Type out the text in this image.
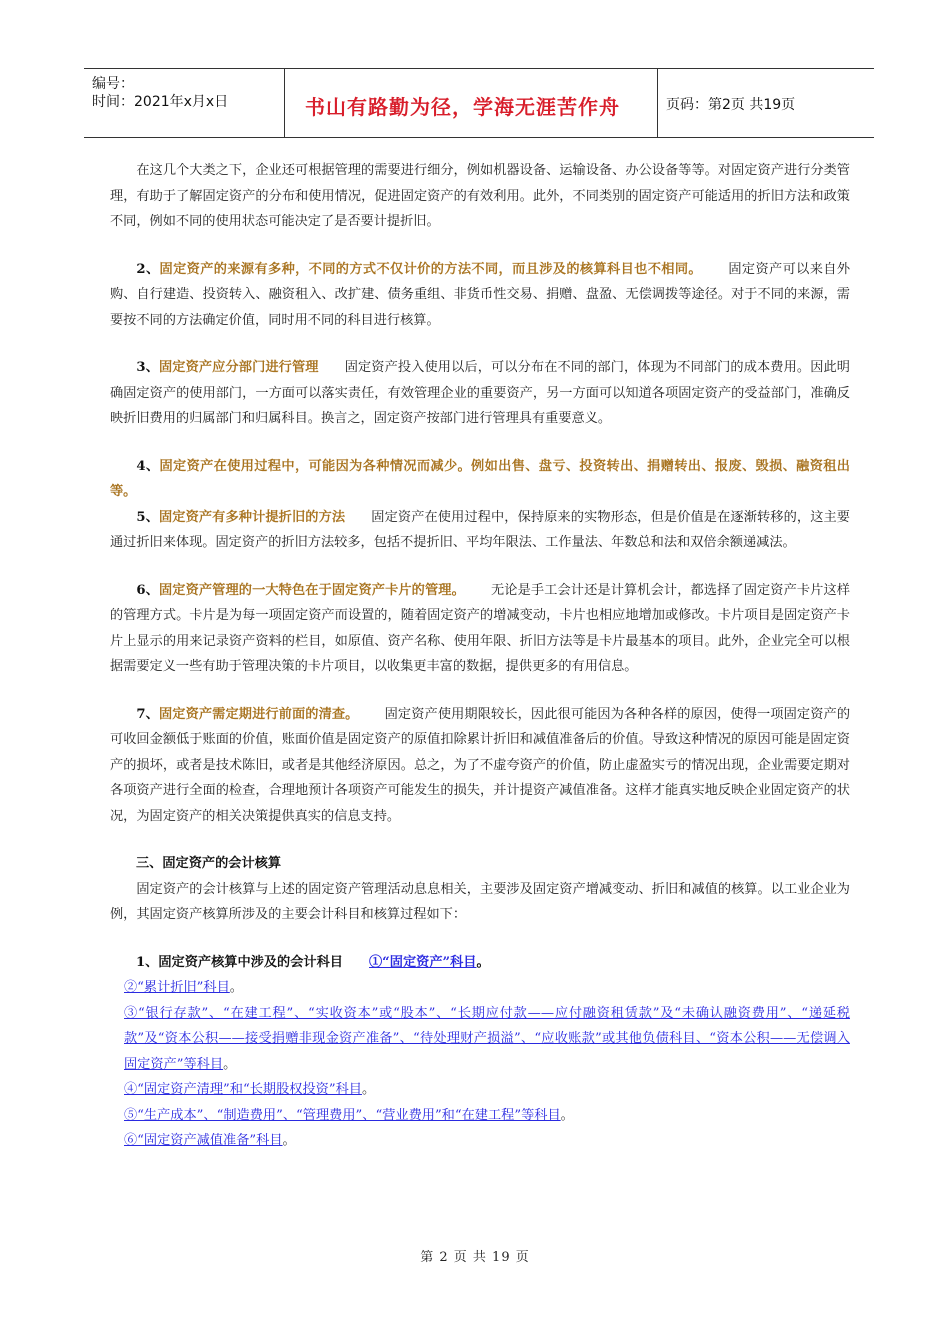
编号：
时间：2021年x月x日	书山有路勤为径，学海无涯苦作舟	页码：第2页 共19页

在这几个大类之下，企业还可根据管理的需要进行细分，例如机器设备、运输设备、办公设备等等。对固定资产进行分类管理，有助于了解固定资产的分布和使用情况，促进固定资产的有效利用。此外，不同类别的固定资产可能适用的折旧方法和政策不同，例如不同的使用状态可能决定了是否要计提折旧。

2、固定资产的来源有多种，不同的方式不仅计价的方法不同，而且涉及的核算科目也不相同。 固定资产可以来自外购、自行建造、投资转入、融资租入、改扩建、债务重组、非货币性交易、捐赠、盘盈、无偿调拨等途径。对于不同的来源，需要按不同的方法确定价值，同时用不同的科目进行核算。

3、固定资产应分部门进行管理 固定资产投入使用以后，可以分布在不同的部门，体现为不同部门的成本费用。因此明确固定资产的使用部门，一方面可以落实责任，有效管理企业的重要资产，另一方面可以知道各项固定资产的受益部门，准确反映折旧费用的归属部门和归属科目。换言之，固定资产按部门进行管理具有重要意义。

4、固定资产在使用过程中，可能因为各种情况而减少。例如出售、盘亏、投资转出、捐赠转出、报废、毁损、融资租出等。

5、固定资产有多种计提折旧的方法 固定资产在使用过程中，保持原来的实物形态，但是价值是在逐渐转移的，这主要通过折旧来体现。固定资产的折旧方法较多，包括不提折旧、平均年限法、工作量法、年数总和法和双倍余额递减法。

6、固定资产管理的一大特色在于固定资产卡片的管理。 无论是手工会计还是计算机会计，都选择了固定资产卡片这样的管理方式。卡片是为每一项固定资产而设置的，随着固定资产的增减变动，卡片也相应地增加或修改。卡片项目是固定资产卡片上显示的用来记录资产资料的栏目，如原值、资产名称、使用年限、折旧方法等是卡片最基本的项目。此外，企业完全可以根据需要定义一些有助于管理决策的卡片项目，以收集更丰富的数据，提供更多的有用信息。

7、固定资产需定期进行前面的清查。 固定资产使用期限较长，因此很可能因为各种各样的原因，使得一项固定资产的可收回金额低于账面的价值，账面价值是固定资产的原值扣除累计折旧和减值准备后的价值。导致这种情况的原因可能是固定资产的损坏，或者是技术陈旧，或者是其他经济原因。总之，为了不虚夸资产的价值，防止虚盈实亏的情况出现，企业需要定期对各项资产进行全面的检查，合理地预计各项资产可能发生的损失，并计提资产减值准备。这样才能真实地反映企业固定资产的状况，为固定资产的相关决策提供真实的信息支持。

三、固定资产的会计核算

固定资产的会计核算与上述的固定资产管理活动息息相关，主要涉及固定资产增减变动、折旧和减值的核算。以工业企业为例，其固定资产核算所涉及的主要会计科目和核算过程如下：

1、固定资产核算中涉及的会计科目 ①“固定资产”科目。

②“累计折旧”科目。

③“银行存款”、“在建工程”、“实收资本”或“股本”、“长期应付款——应付融资租赁款”及“未确认融资费用”、“递延税款”及“资本公积——接受捐赠非现金资产准备”、“待处理财产损溢”、“应收账款”或其他负债科目、“资本公积——无偿调入固定资产”等科目。

④“固定资产清理”和“长期股权投资”科目。

⑤“生产成本”、“制造费用”、“管理费用”、“营业费用”和“在建工程”等科目。

⑥“固定资产减值准备”科目。

第 2 页 共 19 页
